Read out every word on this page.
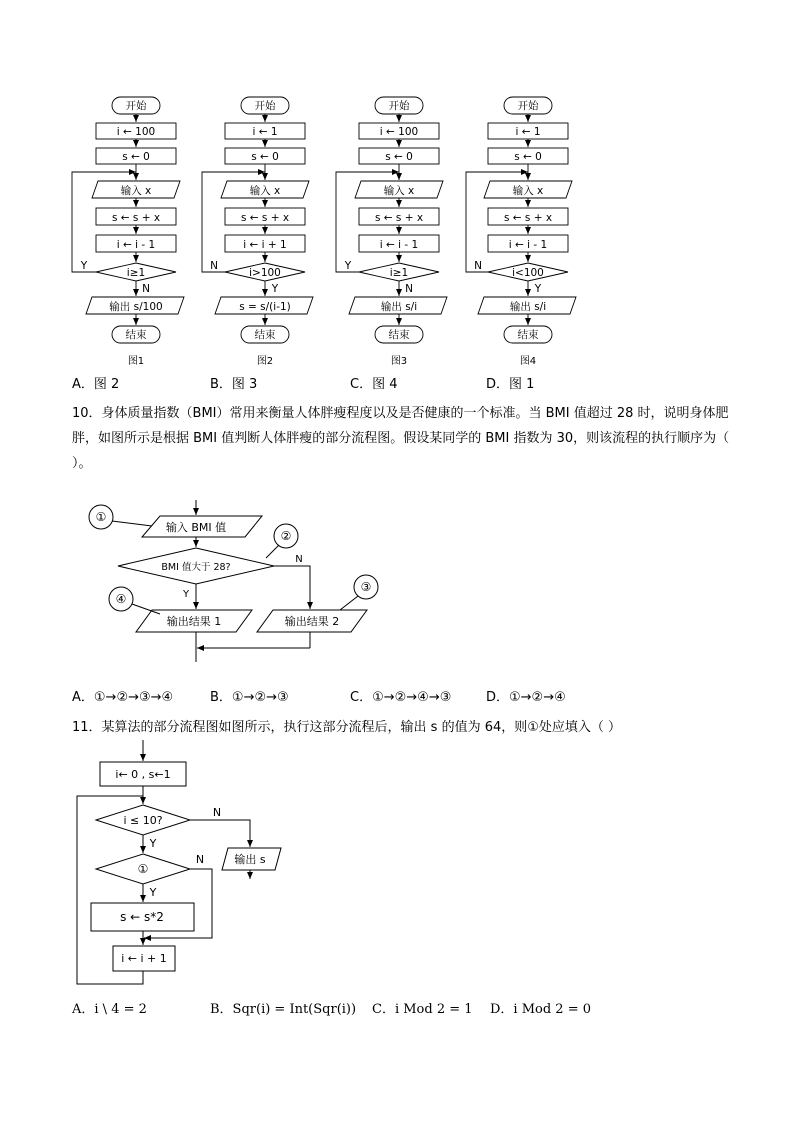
开始
i ← 100
s ← 0
输入 x
s ← s + x
i ← i - 1
i≥1
Y
N
输出 s/100
结束
图1
开始
i ← 1
s ← 0
输入 x
s ← s + x
i ← i + 1
i>100
N
Y
s = s/(i-1)
结束
图2
开始
i ← 100
s ← 0
输入 x
s ← s + x
i ← i - 1
i≥1
Y
N
输出 s/i
结束
图3
开始
i ← 1
s ← 0
输入 x
s ← s + x
i ← i - 1
i<100
N
Y
输出 s/i
结束
图4
输入 BMI 值
BMI 值大于 28?
Y
N
输出结果 1	输出结果 2
①
②
③
④
i← 0 , s←1
i ≤ 10?
①
N
N
Y
Y
输出 s
s ← s*2
i ← i + 1
A．图 2	B．图 3	C．图 4	D．图 1
10．身体质量指数（BMI）常用来衡量人体胖瘦程度以及是否健康的一个标准。当 BMI 值超过 28 时，说明身体肥胖，如图所示是根据 BMI 值判断人体胖瘦的部分流程图。假设某同学的 BMI 指数为 30，则该流程的执行顺序为（ ）。
A．①→②→③→④	B．①→②→③	C．①→②→④→③	D．①→②→④
11．某算法的部分流程图如图所示，执行这部分流程后，输出 s 的值为 64，则①处应填入（ ）
A．i \ 4 = 2	B．Sqr(i) = Int(Sqr(i)) C．i Mod 2 = 1 D．i Mod 2 = 0
